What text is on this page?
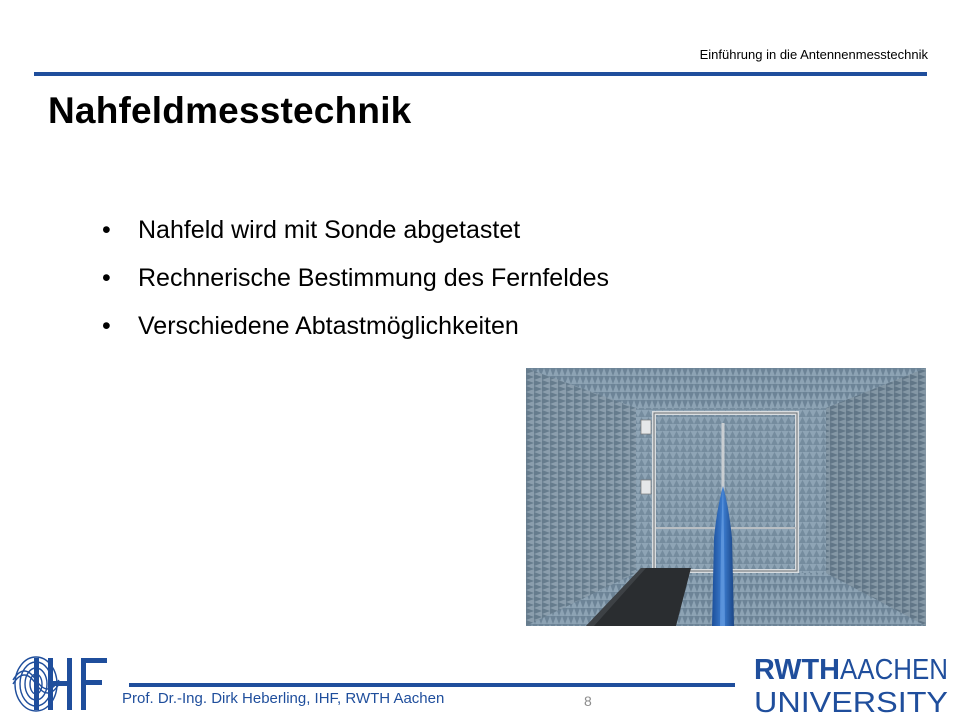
Einführung in die Antennenmesstechnik
Nahfeldmesstechnik
• Nahfeld wird mit Sonde abgetastet
• Rechnerische Bestimmung des Fernfeldes
• Verschiedene Abtastmöglichkeiten
Prof. Dr.-Ing. Dirk Heberling, IHF, RWTH Aachen	8
RWTH AACHEN
UNIVERSITY
